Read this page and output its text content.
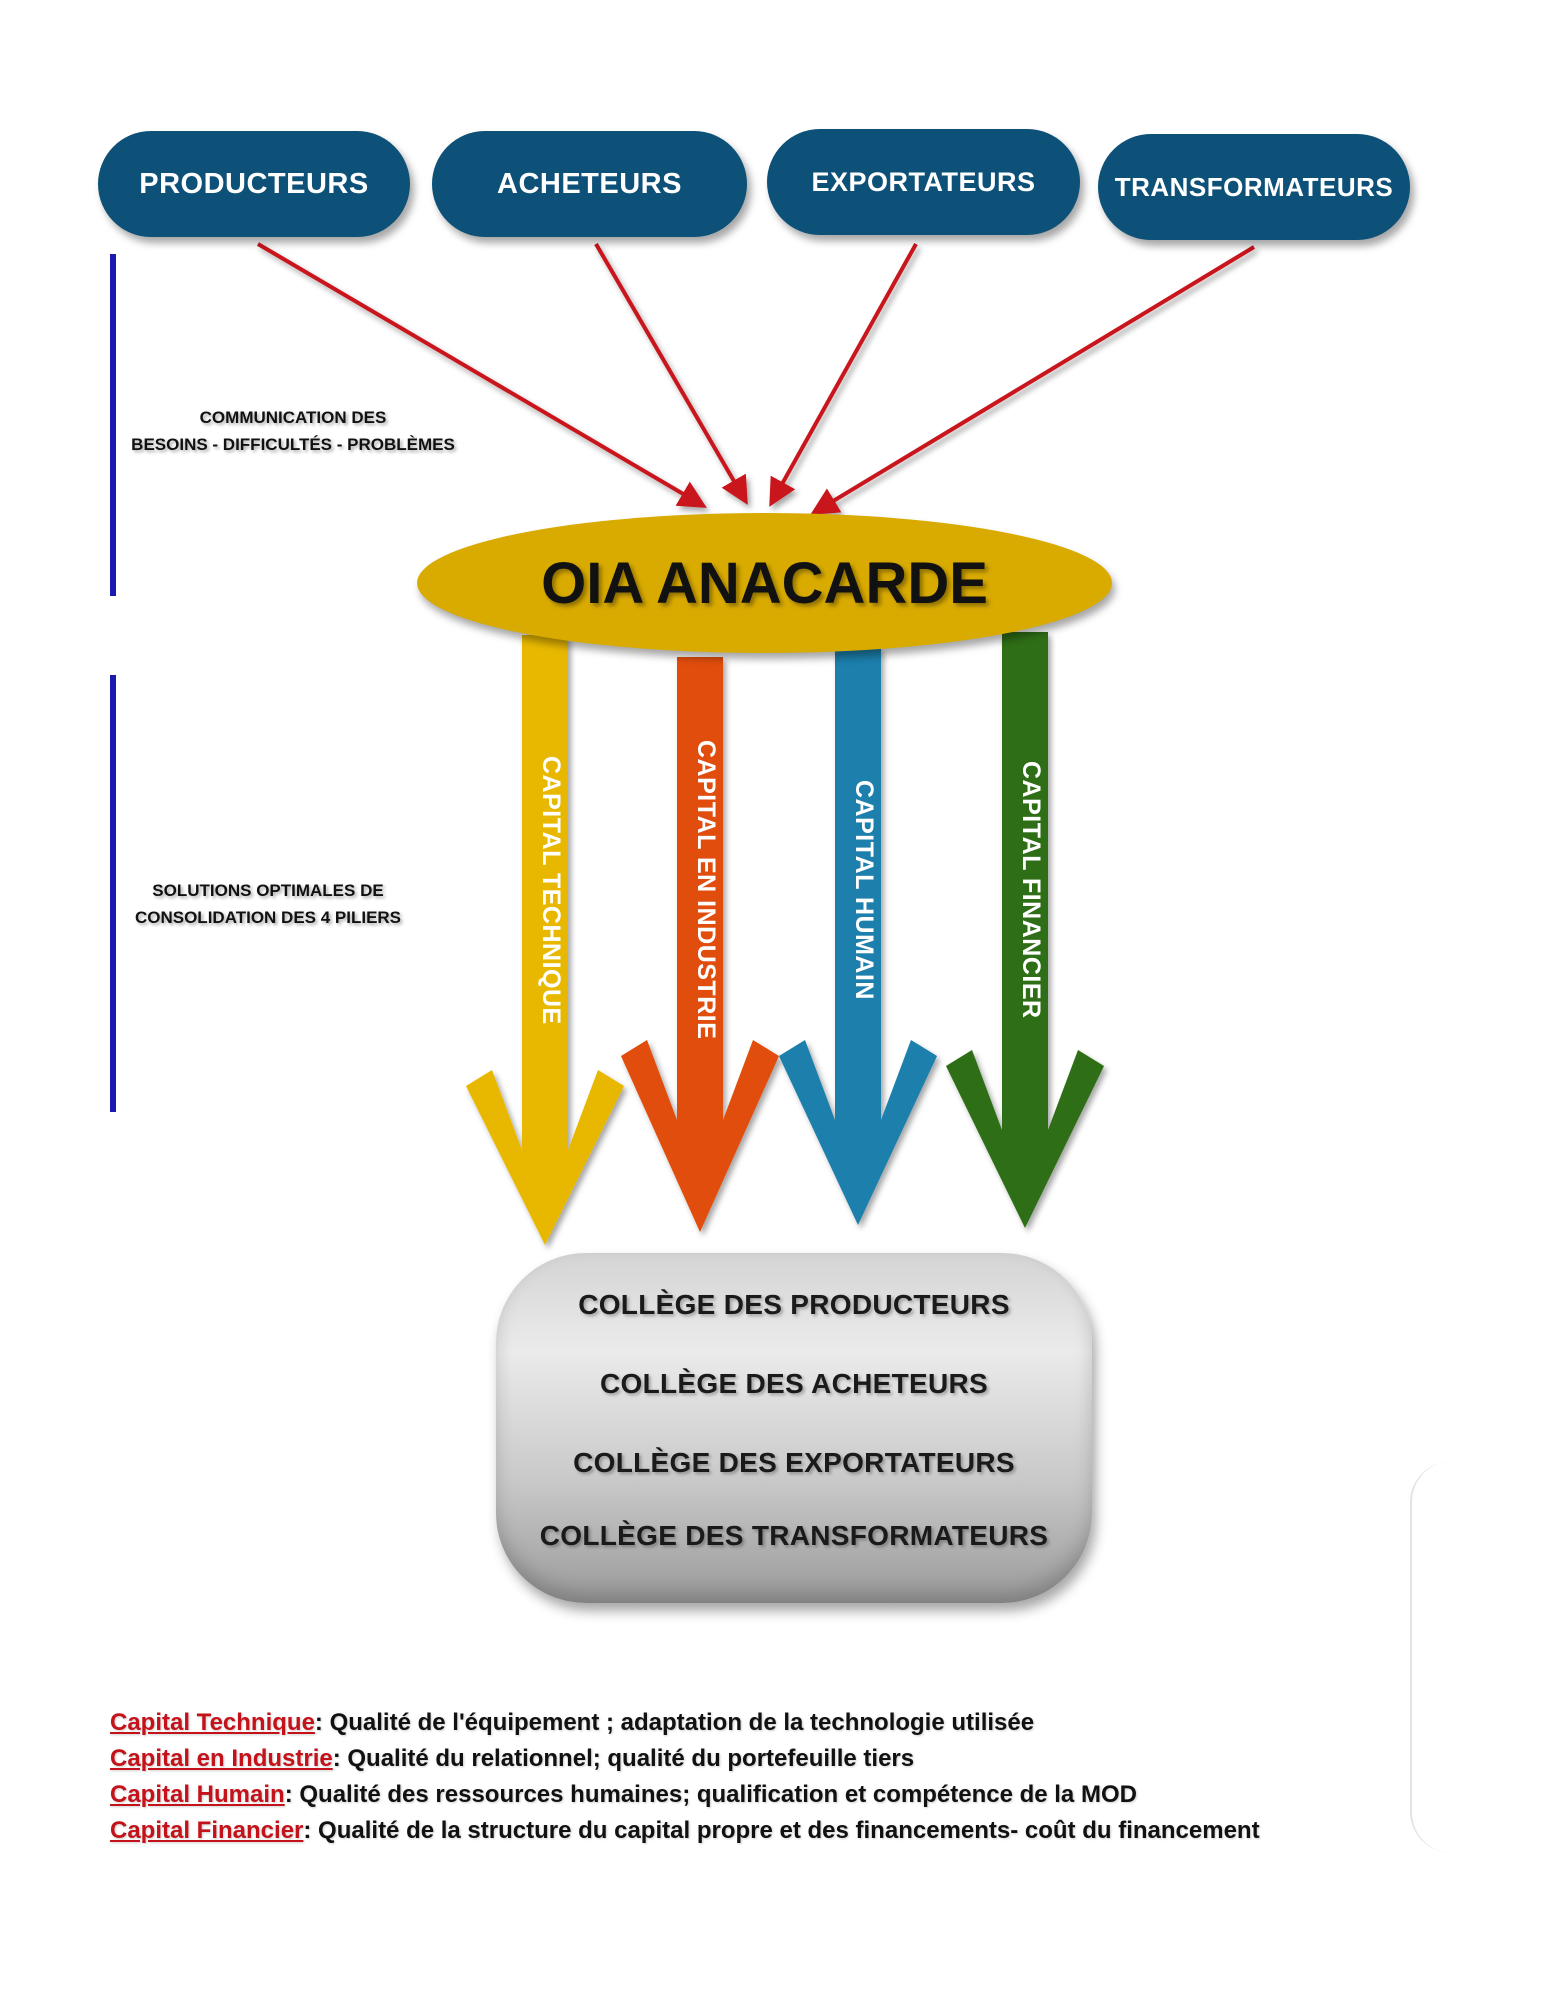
PRODUCTEURS	ACHETEURS	EXPORTATEURS	TRANSFORMATEURS
COMMUNICATION DES
BESOINS - DIFFICULTÉS - PROBLÈMES
SOLUTIONS OPTIMALES DE
CONSOLIDATION DES 4 PILIERS
OIA ANACARDE
CAPITAL TECHNIQUE	CAPITAL EN INDUSTRIE	CAPITAL HUMAIN	CAPITAL FINANCIER
COLLÈGE DES PRODUCTEURS
COLLÈGE DES ACHETEURS
COLLÈGE DES EXPORTATEURS
COLLÈGE DES TRANSFORMATEURS
Capital Technique: Qualité de l'équipement ; adaptation de la technologie utilisée
Capital en Industrie: Qualité du relationnel; qualité du portefeuille tiers
Capital Humain: Qualité des ressources humaines; qualification et compétence de la MOD
Capital Financier: Qualité de la structure du capital propre et des financements- coût du financement
